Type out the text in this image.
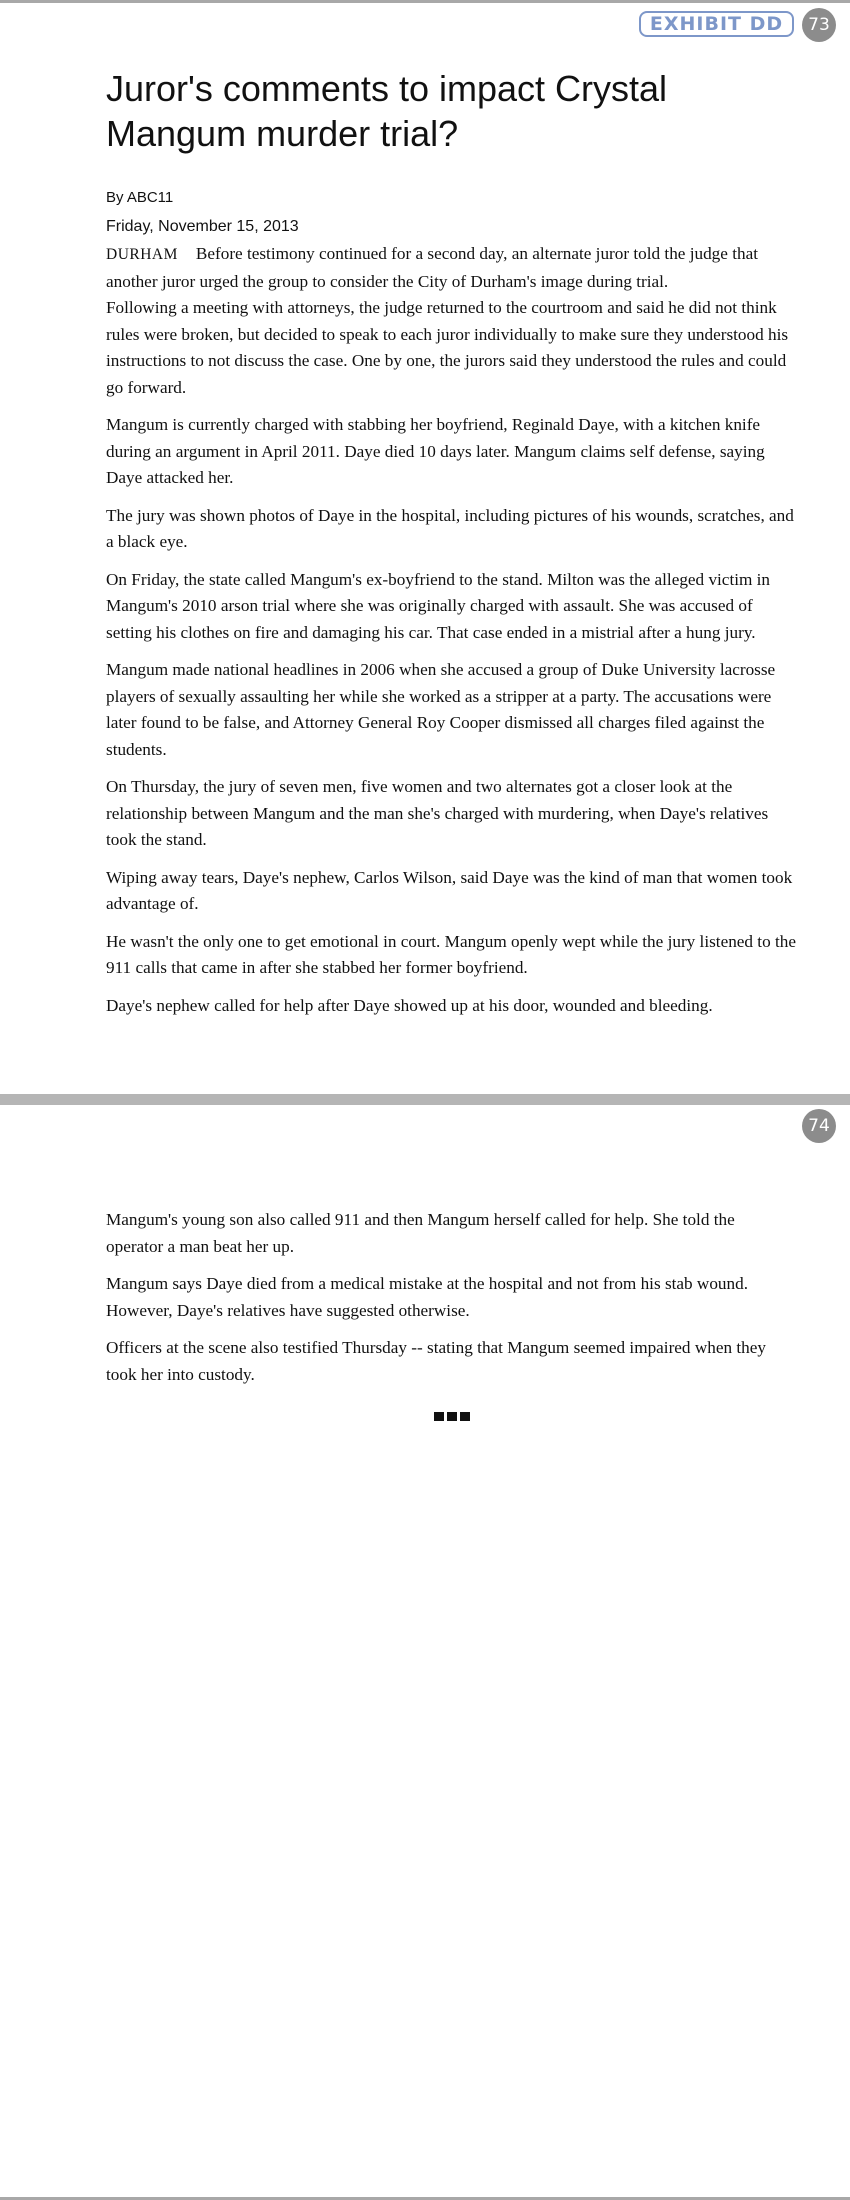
EXHIBIT DD	73
Juror's comments to impact Crystal Mangum murder trial?
By ABC11
Friday, November 15, 2013

DURHAM Before testimony continued for a second day, an alternate juror told the judge that another juror urged the group to consider the City of Durham's image during trial.

Following a meeting with attorneys, the judge returned to the courtroom and said he did not think rules were broken, but decided to speak to each juror individually to make sure they understood his instructions to not discuss the case. One by one, the jurors said they understood the rules and could go forward.

Mangum is currently charged with stabbing her boyfriend, Reginald Daye, with a kitchen knife during an argument in April 2011. Daye died 10 days later. Mangum claims self defense, saying Daye attacked her.

The jury was shown photos of Daye in the hospital, including pictures of his wounds, scratches, and a black eye.

On Friday, the state called Mangum's ex-boyfriend to the stand. Milton was the alleged victim in Mangum's 2010 arson trial where she was originally charged with assault. She was accused of setting his clothes on fire and damaging his car. That case ended in a mistrial after a hung jury.

Mangum made national headlines in 2006 when she accused a group of Duke University lacrosse players of sexually assaulting her while she worked as a stripper at a party. The accusations were later found to be false, and Attorney General Roy Cooper dismissed all charges filed against the students.

On Thursday, the jury of seven men, five women and two alternates got a closer look at the relationship between Mangum and the man she's charged with murdering, when Daye's relatives took the stand.

Wiping away tears, Daye's nephew, Carlos Wilson, said Daye was the kind of man that women took advantage of.

He wasn't the only one to get emotional in court. Mangum openly wept while the jury listened to the 911 calls that came in after she stabbed her former boyfriend.

Daye's nephew called for help after Daye showed up at his door, wounded and bleeding.

74

Mangum's young son also called 911 and then Mangum herself called for help. She told the operator a man beat her up.

Mangum says Daye died from a medical mistake at the hospital and not from his stab wound. However, Daye's relatives have suggested otherwise.

Officers at the scene also testified Thursday -- stating that Mangum seemed impaired when they took her into custody.
